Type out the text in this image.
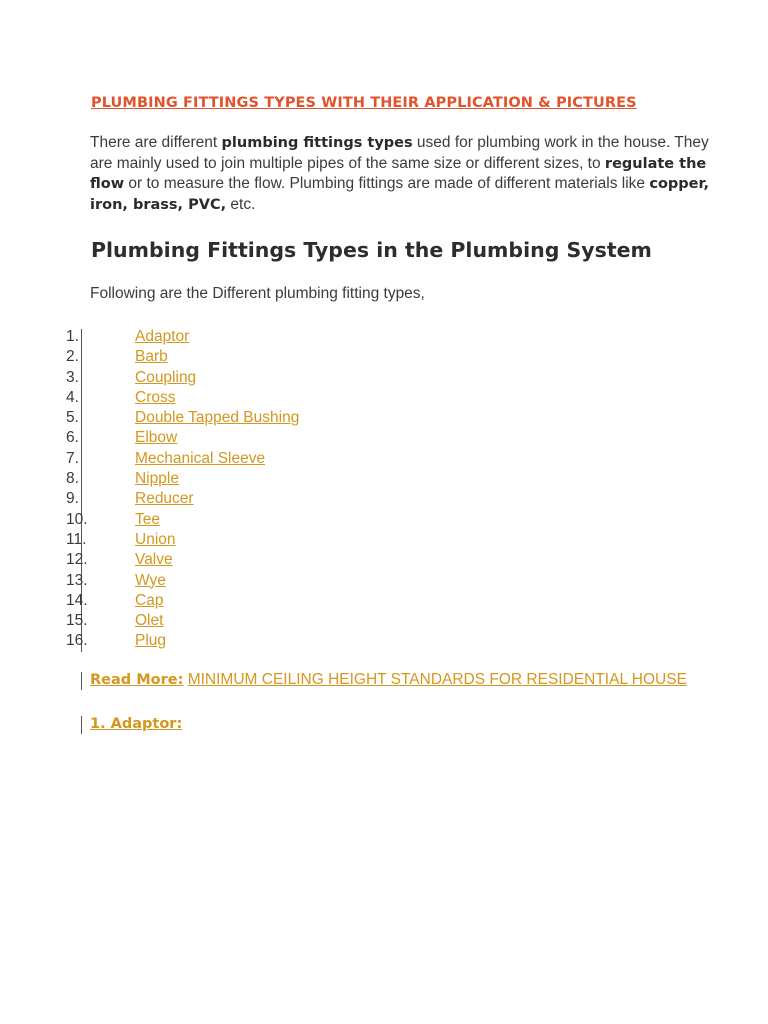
PLUMBING FITTINGS TYPES WITH THEIR APPLICATION & PICTURES

There are different plumbing fittings types used for plumbing work in the house. They are mainly used to join multiple pipes of the same size or different sizes, to regulate the flow or to measure the flow. Plumbing fittings are made of different materials like copper, iron, brass, PVC, etc.

Plumbing Fittings Types in the Plumbing System

Following are the Different plumbing fitting types,

1.	Adaptor
2.	Barb
3.	Coupling
4.	Cross
5.	Double Tapped Bushing
6.	Elbow
7.	Mechanical Sleeve
8.	Nipple
9.	Reducer
10.	Tee
11.	Union
12.	Valve
13.	Wye
14.	Cap
15.	Olet
16.	Plug

Read More: MINIMUM CEILING HEIGHT STANDARDS FOR RESIDENTIAL HOUSE

1. Adaptor:
